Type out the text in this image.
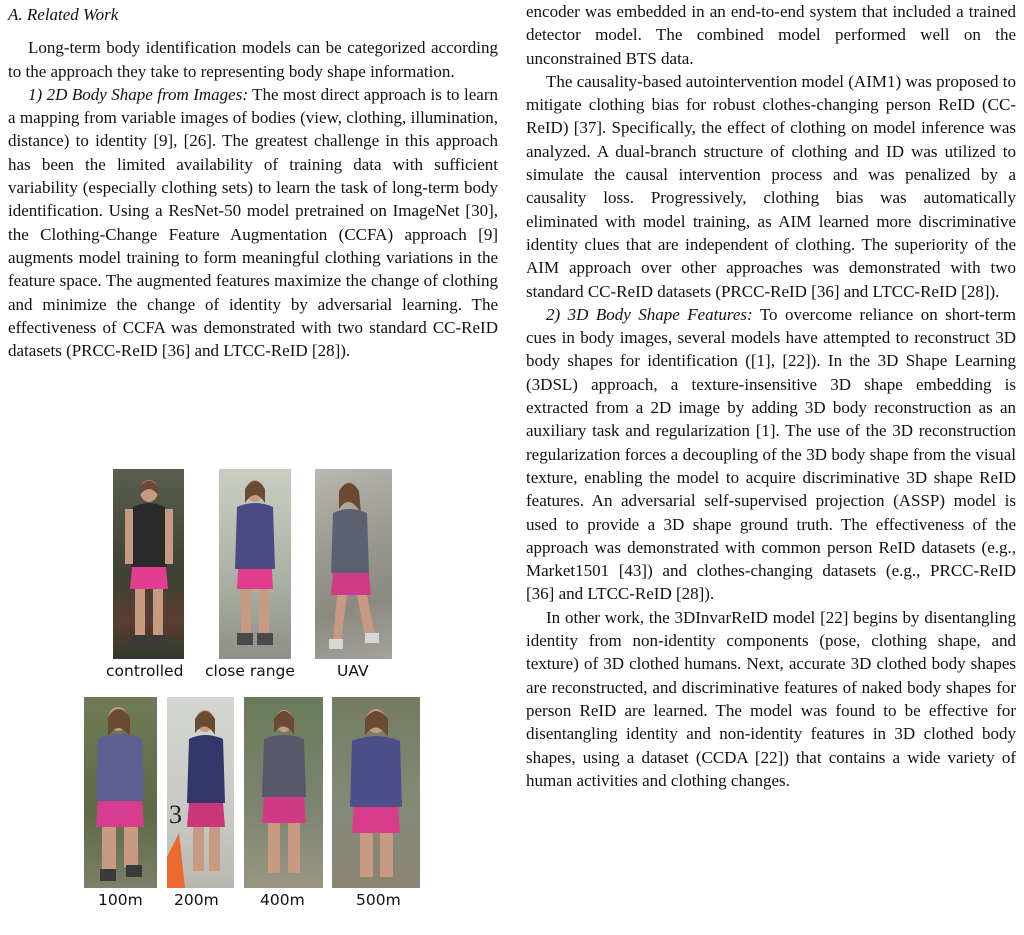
A. Related Work

Long-term body identification models can be categorized according to the approach they take to representing body shape information.

1) 2D Body Shape from Images: The most direct approach is to learn a mapping from variable images of bodies (view, clothing, illumination, distance) to identity [9], [26]. The greatest challenge in this approach has been the limited availability of training data with sufficient variability (especially clothing sets) to learn the task of long-term body identification. Using a ResNet-50 model pretrained on ImageNet [30], the Clothing-Change Feature Augmentation (CCFA) approach [9] augments model training to form meaningful clothing variations in the feature space. The augmented features maximize the change of clothing and minimize the change of identity by adversarial learning. The effectiveness of CCFA was demonstrated with two standard CC-ReID datasets (PRCC-ReID [36] and LTCC-ReID [28]).

controlled close range	UAV
3
100m 200m	400m	500m

encoder was embedded in an end-to-end system that included a trained detector model. The combined model performed well on the unconstrained BTS data.

The causality-based autointervention model (AIM1) was proposed to mitigate clothing bias for robust clothes-changing person ReID (CC-ReID) [37]. Specifically, the effect of clothing on model inference was analyzed. A dual-branch structure of clothing and ID was utilized to simulate the causal intervention process and was penalized by a causality loss. Progressively, clothing bias was automatically eliminated with model training, as AIM learned more discriminative identity clues that are independent of clothing. The superiority of the AIM approach over other approaches was demonstrated with two standard CC-ReID datasets (PRCC-ReID [36] and LTCC-ReID [28]).

2) 3D Body Shape Features: To overcome reliance on short-term cues in body images, several models have attempted to reconstruct 3D body shapes for identification ([1], [22]). In the 3D Shape Learning (3DSL) approach, a texture-insensitive 3D shape embedding is extracted from a 2D image by adding 3D body reconstruction as an auxiliary task and regularization [1]. The use of the 3D reconstruction regularization forces a decoupling of the 3D body shape from the visual texture, enabling the model to acquire discriminative 3D shape ReID features. An adversarial self-supervised projection (ASSP) model is used to provide a 3D shape ground truth. The effectiveness of the approach was demonstrated with common person ReID datasets (e.g., Market1501 [43]) and clothes-changing datasets (e.g., PRCC-ReID [36] and LTCC-ReID [28]).

In other work, the 3DInvarReID model [22] begins by disentangling identity from non-identity components (pose, clothing shape, and texture) of 3D clothed humans. Next, accurate 3D clothed body shapes are reconstructed, and discriminative features of naked body shapes for person ReID are learned. The model was found to be effective for disentangling identity and non-identity features in 3D clothed body shapes, using a dataset (CCDA [22]) that contains a wide variety of human activities and clothing changes.
